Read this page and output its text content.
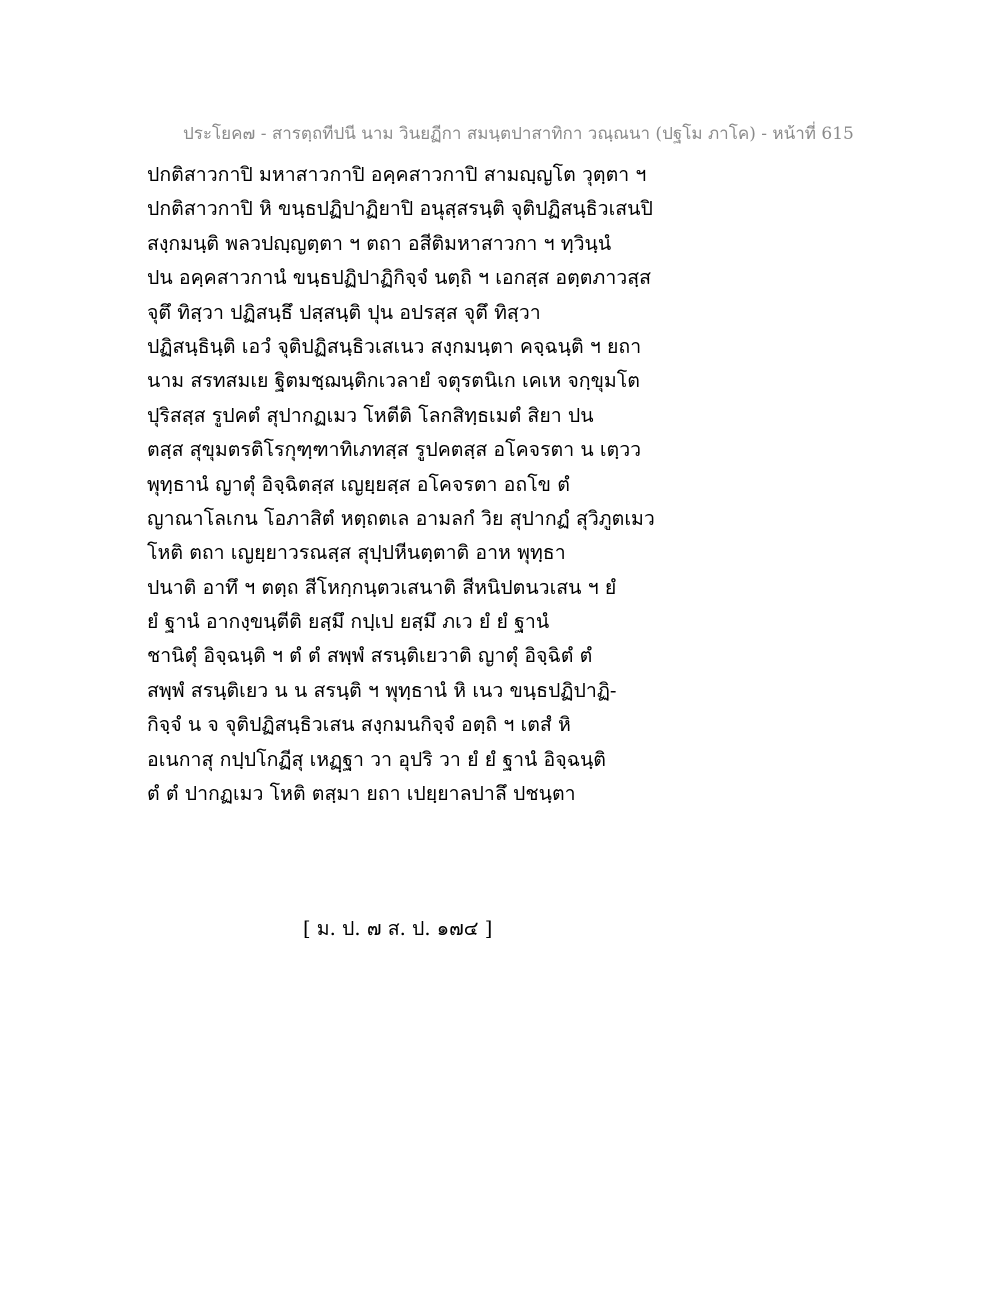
ประโยค๗ - สารตฺถทีปนี นาม วินยฏีกา สมนฺตปาสาทิกา วณฺณนา (ปฐโม ภาโค) - หน้าที่ 615
ปกติสาวกาปิ มหาสาวกาปิ อคฺคสาวกาปิ สามญฺญโต วุตฺตา ฯ
ปกติสาวกาปิ หิ ขนฺธปฏิปาฏิยาปิ อนุสฺสรนฺติ จุติปฏิสนฺธิวเสนปิ
สงฺกมนฺติ พลวปญฺญตฺตา ฯ ตถา อสีติมหาสาวกา ฯ ทฺวินฺนํ
ปน อคฺคสาวกานํ ขนฺธปฏิปาฏิกิจฺจํ นตฺถิ ฯ เอกสฺส อตฺตภาวสฺส
จุตึ ทิสฺวา ปฏิสนฺธึ ปสฺสนฺติ ปุน อปรสฺส จุตึ ทิสฺวา
ปฏิสนฺธินฺติ เอวํ จุติปฏิสนฺธิวเสเนว สงฺกมนฺตา คจฺฉนฺติ ฯ ยถา
นาม สรทสมเย ฐิตมชฺฌนฺติกเวลายํ จตุรตนิเก เคเห จกฺขุมโต
ปุริสสฺส รูปคตํ สุปากฏเมว โหตีติ โลกสิทฺธเมตํ สิยา ปน
ตสฺส สุขุมตรติโรกุฑฺฑาทิเภทสฺส รูปคตสฺส อโคจรตา น เตฺวว
พุทฺธานํ ญาตุํ อิจฺฉิตสฺส เญยฺยสฺส อโคจรตา อถโข ตํ
ญาณาโลเกน โอภาสิตํ หตฺถตเล อามลกํ วิย สุปากฏํ สุวิภูตเมว
โหติ ตถา เญยฺยาวรณสฺส สุปฺปหีนตฺตาติ อาห พุทฺธา
ปนาติ อาทึ ฯ ตตฺถ สีโหกฺกนฺตวเสนาติ สีหนิปตนวเสน ฯ ยํ
ยํ ฐานํ อากงฺขนฺตีติ ยสฺมึ กปฺเป ยสฺมึ ภเว ยํ ยํ ฐานํ
ชานิตุํ อิจฺฉนฺติ ฯ ตํ ตํ สพฺพํ สรนฺติเยวาติ ญาตุํ อิจฺฉิตํ ตํ
สพฺพํ สรนฺติเยว น น สรนฺติ ฯ พุทฺธานํ หิ เนว ขนฺธปฏิปาฏิ-
กิจฺจํ น จ จุติปฏิสนฺธิวเสน สงฺกมนกิจฺจํ อตฺถิ ฯ เตสํ หิ
อเนกาสุ กปฺปโกฏีสุ เหฏฺฐา วา อุปริ วา ยํ ยํ ฐานํ อิจฺฉนฺติ
ตํ ตํ ปากฏเมว โหติ ตสฺมา ยถา เปยฺยาลปาลึ ปชนฺตา
[ ม. ป. ๗ ส. ป. ๑๗๔ ]
